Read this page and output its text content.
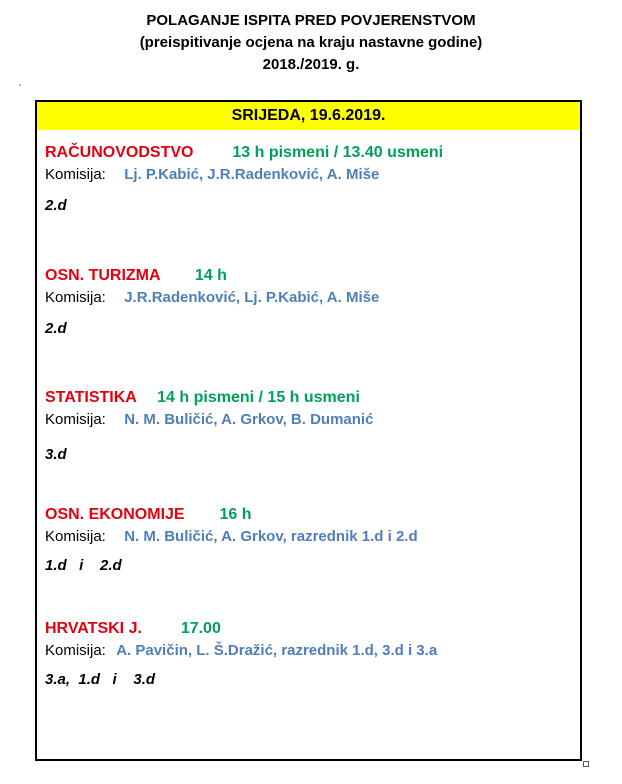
POLAGANJE ISPITA PRED POVJERENSTVOM
(preispitivanje ocjena na kraju nastavne godine)
2018./2019. g.
SRIJEDA, 19.6.2019.
RAČUNOVODSTVO 13 h pismeni / 13.40 usmeni
Komisija: Lj. P.Kabić, J.R.Radenković, A. Miše
2.d
OSN. TURIZMA 14 h
Komisija: J.R.Radenković, Lj. P.Kabić, A. Miše
2.d
STATISTIKA 14 h pismeni / 15 h usmeni
Komisija: N. M. Buličić, A. Grkov, B. Dumanić
3.d
OSN. EKONOMIJE 16 h
Komisija: N. M. Buličić, A. Grkov, razrednik 1.d i 2.d
1.d   i    2.d
HRVATSKI J. 17.00
Komisija: A. Pavičin, L. Š.Dražić, razrednik 1.d, 3.d i 3.a
3.a,  1.d   i    3.d
